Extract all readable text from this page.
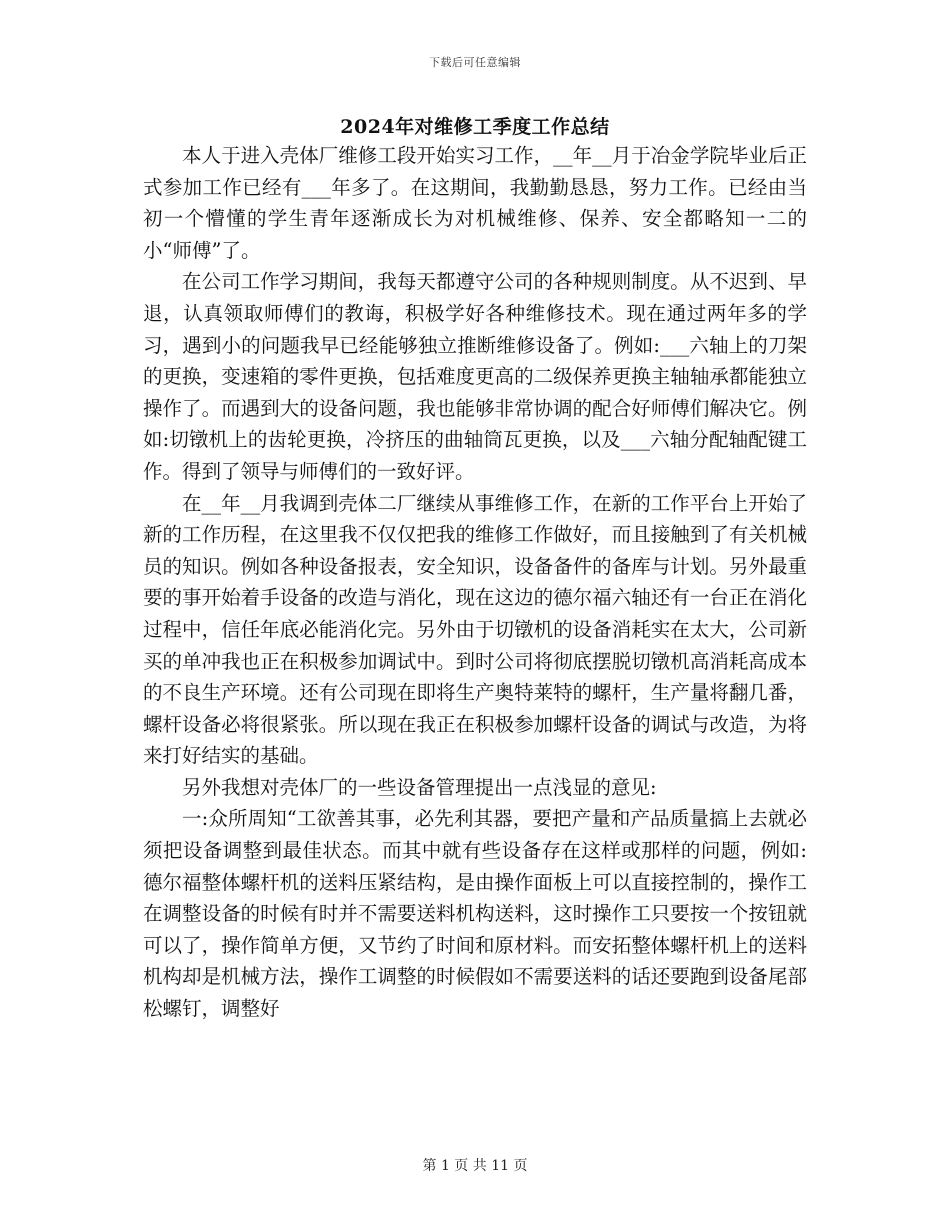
下载后可任意编辑
2024年对维修工季度工作总结

本人于进入壳体厂维修工段开始实习工作，__年__月于冶金学院毕业后正式参加工作已经有___年多了。在这期间，我勤勤恳恳，努力工作。已经由当初一个懵懂的学生青年逐渐成长为对机械维修、保养、安全都略知一二的小“师傅”了。

在公司工作学习期间，我每天都遵守公司的各种规则制度。从不迟到、早退，认真领取师傅们的教诲，积极学好各种维修技术。现在通过两年多的学习，遇到小的问题我早已经能够独立推断维修设备了。例如:___六轴上的刀架的更换，变速箱的零件更换，包括难度更高的二级保养更换主轴轴承都能独立操作了。而遇到大的设备问题，我也能够非常协调的配合好师傅们解决它。例如:切镦机上的齿轮更换，冷挤压的曲轴筒瓦更换，以及___六轴分配轴配键工作。得到了领导与师傅们的一致好评。

在__年__月我调到壳体二厂继续从事维修工作，在新的工作平台上开始了新的工作历程，在这里我不仅仅把我的维修工作做好，而且接触到了有关机械员的知识。例如各种设备报表，安全知识，设备备件的备库与计划。另外最重要的事开始着手设备的改造与消化，现在这边的德尔福六轴还有一台正在消化过程中，信任年底必能消化完。另外由于切镦机的设备消耗实在太大，公司新买的单冲我也正在积极参加调试中。到时公司将彻底摆脱切镦机高消耗高成本的不良生产环境。还有公司现在即将生产奥特莱特的螺杆，生产量将翻几番，螺杆设备必将很紧张。所以现在我正在积极参加螺杆设备的调试与改造，为将来打好结实的基础。

另外我想对壳体厂的一些设备管理提出一点浅显的意见:

一:众所周知“工欲善其事，必先利其器，要把产量和产品质量搞上去就必须把设备调整到最佳状态。而其中就有些设备存在这样或那样的问题，例如:德尔福整体螺杆机的送料压紧结构，是由操作面板上可以直接控制的，操作工在调整设备的时候有时并不需要送料机构送料，这时操作工只要按一个按钮就可以了，操作简单方便，又节约了时间和原材料。而安拓整体螺杆机上的送料机构却是机械方法，操作工调整的时候假如不需要送料的话还要跑到设备尾部松螺钉，调整好

第 1 页 共 11 页
